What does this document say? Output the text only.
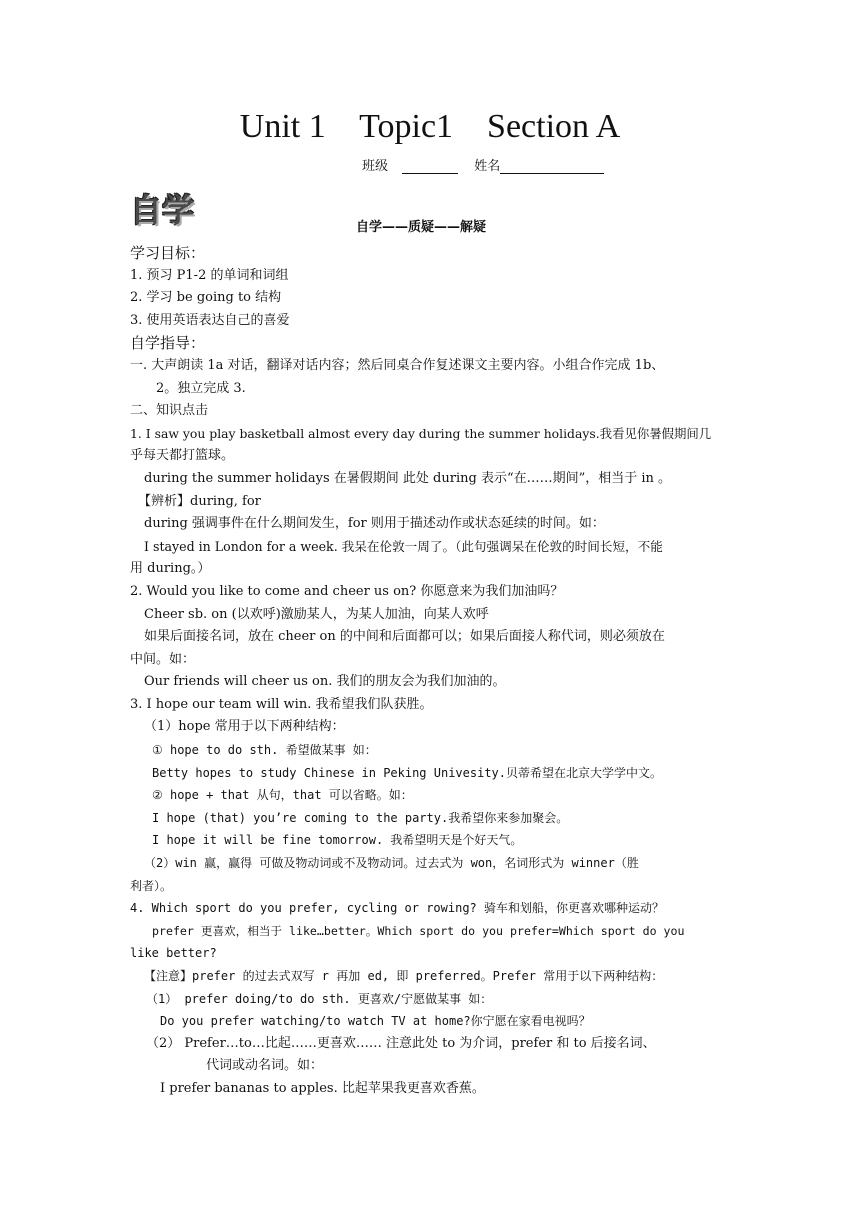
Unit 1    Topic1    Section A
班级	姓名
自学	自学——质疑——解疑
学习目标：
1. 预习 P1-2 的单词和词组
2. 学习 be going to 结构
3. 使用英语表达自己的喜爱
自学指导：
一. 大声朗读 1a 对话，翻译对话内容；然后同桌合作复述课文主要内容。小组合作完成 1b、
2。独立完成 3.
二、知识点击
1. I saw you play basketball almost every day during the summer holidays.我看见你暑假期间几
乎每天都打篮球。
during the summer holidays 在暑假期间 此处 during 表示“在……期间”，相当于 in 。
【辨析】during, for
during 强调事件在什么期间发生，for 则用于描述动作或状态延续的时间。如：
I stayed in London for a week. 我呆在伦敦一周了。（此句强调呆在伦敦的时间长短，不能
用 during。）
2. Would you like to come and cheer us on? 你愿意来为我们加油吗？
Cheer sb. on (以欢呼)激励某人，为某人加油，向某人欢呼
如果后面接名词，放在 cheer on 的中间和后面都可以；如果后面接人称代词，则必须放在
中间。如：
Our friends will cheer us on. 我们的朋友会为我们加油的。
3. I hope our team will win. 我希望我们队获胜。
（1）hope 常用于以下两种结构：
① hope to do sth. 希望做某事 如：
Betty hopes to study Chinese in Peking Univesity.贝蒂希望在北京大学学中文。
② hope + that 从句，that 可以省略。如：
I hope (that) you’re coming to the party.我希望你来参加聚会。
I hope it will be fine tomorrow. 我希望明天是个好天气。
（2）win 赢，赢得 可做及物动词或不及物动词。过去式为 won，名词形式为 winner（胜
利者）。
4. Which sport do you prefer, cycling or rowing? 骑车和划船，你更喜欢哪种运动？
prefer 更喜欢，相当于 like…better。Which sport do you prefer=Which sport do you
like better?
【注意】prefer 的过去式双写 r 再加 ed, 即 preferred。Prefer 常用于以下两种结构：
（1） prefer doing/to do sth. 更喜欢/宁愿做某事 如：
Do you prefer watching/to watch TV at home?你宁愿在家看电视吗？
（2） Prefer…to…比起……更喜欢…… 注意此处 to 为介词，prefer 和 to 后接名词、
代词或动名词。如：
I prefer bananas to apples. 比起苹果我更喜欢香蕉。
